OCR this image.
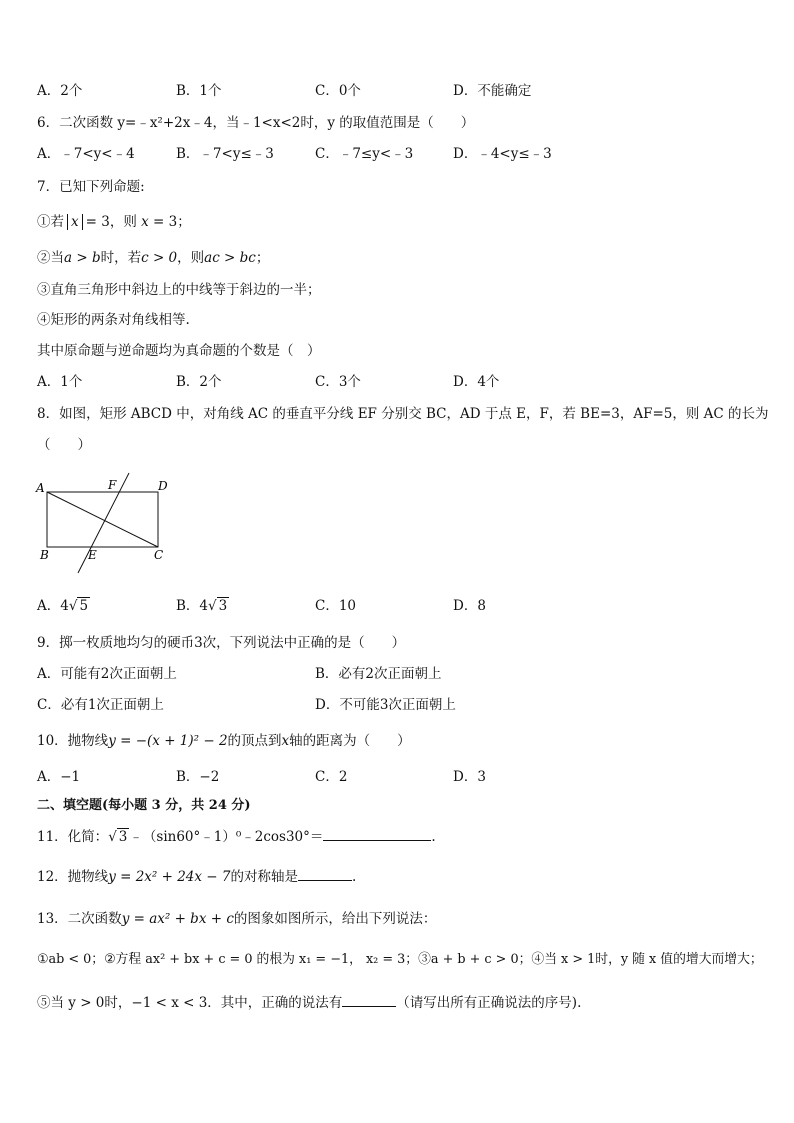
A．2个	B．1个	C．0个	D．不能确定
6．二次函数 y=﹣x²+2x﹣4，当﹣1<x<2时，y 的取值范围是（　　）
A．﹣7<y<﹣4	B．﹣7<y≤﹣3	C．﹣7≤y<﹣3	D．﹣4<y≤﹣3
7．已知下列命题:
①若 x = 3，则 x = 3；
②当a > b时，若c > 0，则ac > bc；
③直角三角形中斜边上的中线等于斜边的一半；
④矩形的两条对角线相等.
其中原命题与逆命题均为真命题的个数是（　）
A．1个	B．2个	C．3个	D．4个
8．如图，矩形 ABCD 中，对角线 AC 的垂直平分线 EF 分别交 BC，AD 于点 E，F，若 BE=3，AF=5，则 AC 的长为
（　　）
A
B	C
D
E
F
A．4√ 5	B．4√ 3	C．10	D．8
9．掷一枚质地均匀的硬币3次，下列说法中正确的是（　　）
A．可能有2次正面朝上	B．必有2次正面朝上
C．必有1次正面朝上	D．不可能3次正面朝上
10．抛物线y = −(x + 1)² − 2的顶点到x轴的距离为（　　）
A．−1	B．−2	C．2	D．3
二、填空题(每小题 3 分，共 24 分)
11．化简：√ 3 ﹣（sin60°﹣1）⁰﹣2cos30°＝	.
12．抛物线y = 2x² + 24x − 7的对称轴是	.
13．二次函数y = ax² + bx + c的图象如图所示，给出下列说法：
①ab < 0；②方程 ax² + bx + c = 0 的根为 x₁ = −1， x₂ = 3；③a + b + c > 0；④当 x > 1时，y 随 x 值的增大而增大；
⑤当 y > 0时，−1 < x < 3．其中，正确的说法有	（请写出所有正确说法的序号).
